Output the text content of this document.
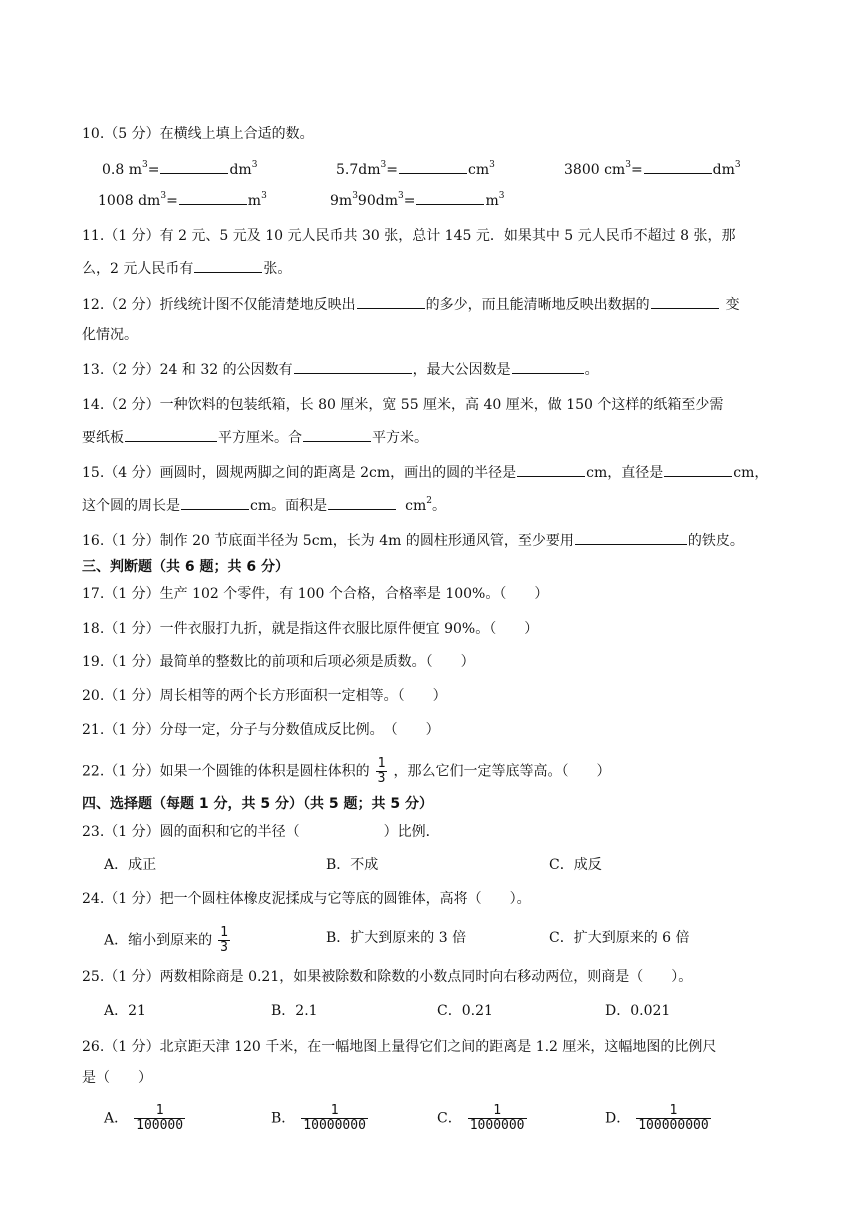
10.（5 分）在横线上填上合适的数。
0.8 $m^3=$	$dm^3$	$5.7dm^3=$	$cm^3$	3800 $cm^3=$	$dm^3$
1008 $dm^3=$	$m^3$	$9m^390dm^3=$	$m^3$
11.（1 分）有 2 元、5 元及 10 元人民币共 30 张，总计 145 元．如果其中 5 元人民币不超过 8 张，那
么，2 元人民币有	张。
12.（2 分）折线统计图不仅能清楚地反映出	的多少，而且能清晰地反映出数据的	变
化情况。
13.（2 分）24 和 32 的公因数有	，最大公因数是	。
14.（2 分）一种饮料的包装纸箱，长 80 厘米，宽 55 厘米，高 40 厘米，做 150 个这样的纸箱至少需
要纸板	平方厘米。合	平方米。
15.（4 分）画圆时，圆规两脚之间的距离是 2cm，画出的圆的半径是	cm，直径是	cm，
这个圆的周长是	cm。面积是	$cm^2$。
16.（1 分）制作 20 节底面半径为 5cm，长为 4m 的圆柱形通风管，至少要用	的铁皮。
三、判断题（共 6 题；共 6 分）
17.（1 分）生产 102 个零件，有 100 个合格，合格率是 100%。（　　）
18.（1 分）一件衣服打九折，就是指这件衣服比原件便宜 90%。（　　）
19.（1 分）最简单的整数比的前项和后项必须是质数。（　　）
20.（1 分）周长相等的两个长方形面积一定相等。（　　）
21.（1 分）分母一定，分子与分数值成反比例。　（　　）
22.（1 分）如果一个圆锥的体积是圆柱体积的 $\frac{1}{3}$ ，那么它们一定等底等高。（　　）
四、选择题（每题 1 分，共 5 分）（共 5 题；共 5 分）
23.（1 分）圆的面积和它的半径（　　　　　　）比例．
A．成正	B．不成	C．成反
24.（1 分）把一个圆柱体橡皮泥揉成与它等底的圆锥体，高将（　　）。
A．缩小到原来的 $\frac{1}{3}$	B．扩大到原来的 3 倍	C．扩大到原来的 6 倍
25.（1 分）两数相除商是 0.21，如果被除数和除数的小数点同时向右移动两位，则商是（　　）。
A．21	B．2.1	C．0.21	D．0.021
26.（1 分）北京距天津 120 千米，在一幅地图上量得它们之间的距离是 1.2 厘米，这幅地图的比例尺
是（　　）
A． $\frac{1}{100000}$	B． $\frac{1}{10000000}$	C． $\frac{1}{1000000}$	D． $\frac{1}{100000000}$
